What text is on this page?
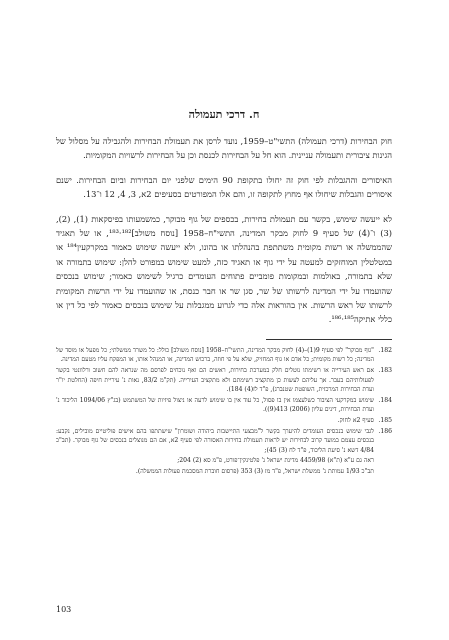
ח. דרכי תעמולה

חוק הבחירות (דרכי תעמולה) התשי"ט–1959, נועד לרסן את תעמולת הבחירות ולהגבילה על מסלול של הגינות ציבורית ותעמולה עניינית. הוא חל על הבחירות לכנסת וכן על הבחירות לרשויות המקומיות.

האיסורים וההגבלות לפי חוק זה יחולו בתקופת 90 הימים שלפני יום הבחירות וביום הבחירות. ישנם איסורים והגבלות שיחולו אף מחוץ לתקופה זו, והם אלו המפורטים בסעיפים 2א, 3, 4, 12 ו־13.

לא ייעשה שימוש, בקשר עם תעמולת בחירות, בכספים של גוף מבוקר, כמשמעותו בפיסקאות (1), (2), (3) ו־(4) של סעיף 9 לחוק מבקר המדינה, התשי"ח–1958 [נוסח משולב]¹⁸²·¹⁸³, או של תאגיד שהממשלה או רשות מקומית משתתפת בהנהלתו או בהונו, ולא ייעשה שימוש כאמור במקרקעין¹⁸⁴ או במטלטלין המוחזקים למעטה על ידי גוף או תאגיד כזה, למעט שימוש במפורט להלן: שימוש בתמורה או שלא בתמורה, באולמות ובמקומות פומביים פתוחים העומדים כרגיל לשימוש כאמור; שימוש בנכסים שהועמדו על ידי המדינה לרשותו של שר, סגן שר או חבר כנסת, או שהועמדו על ידי הרשות המקומית לרשותו של ראש הרשות. אין בהוראות אלה כדי לגרוע ממגבלות על שימוש בנכסים כאמור לפי כל דין או כללי אתיקה¹⁸⁵·¹⁸⁶.

182.
"גוף מבוקר" לפי סעיף 9(1)–(4) לחוק מבקר המדינה, התשי"ח–1958 [נוסח משולב] כולל: כל משרד ממשלתי; כל מפעל או מוסד של המדינה; כל רשות מקומית; כל אדם או גוף המחזיק, שלא על פי חוזה, ברכוש המדינה, או המנהל אותו, או המפקח עליו מטעם המדינה.
183.
אם ראש העירייה או רשימתו נוטלים חלק במערכת בחירות, ראשים הם ואף נוכחים לפרסם מה שנראה להם חשוב ורלוונטי בקשר לפעולותיהם בעבר. אך עליהם לעשות כן מתקציב רשימתם ולא מתקציב העירייה. (תק"מ 83/2, נאות נ' עיריית חיפה (החלטת יו"ר ועדת הבחירות המרכזית, השופטת שטנברג), פ"ד לז(4) 184).
184.
שימוש במקרקעי הציבור כשלעצמו אין בו פסול, כל עוד אין בו שימוש לרעה או ניצול פיזיות של המשתמש (בג"ץ 1094/06 הליכוד נ' ועדת הבחירות, דינים עליון (2006) 413(9)).
185.
סעיף 2א לחוק.
186.
לגבי שימוש בנכסים העומדים להיערך בקשר ל"מבצעי התיישבות ביהודה ושומרון" שישתתפו בהם אישים פוליטיים מובילים, נקבע: בנכסים עצמם במועד קרוב לבחירות יש לראות תעמולת בחירות האסורה לפי סעיף 2א, אם הם מנוצלים בנכסים של גוף מבוקר. (תב"כ 4/84 דשא נ' סיעת הליכוד, פ"ד לח (3) 45);
ראה גם ע"א (ת"א) 4459/98 מדינת ישראל נ' פלטינקין־פורט, פ"מ סא (2) 204;
תב"כ 1/93 עמותת נ' ממשלת ישראל, פ"ד מז (3) 353 (פרסום חוברת המסכמת פעולות הממשלה).
103
